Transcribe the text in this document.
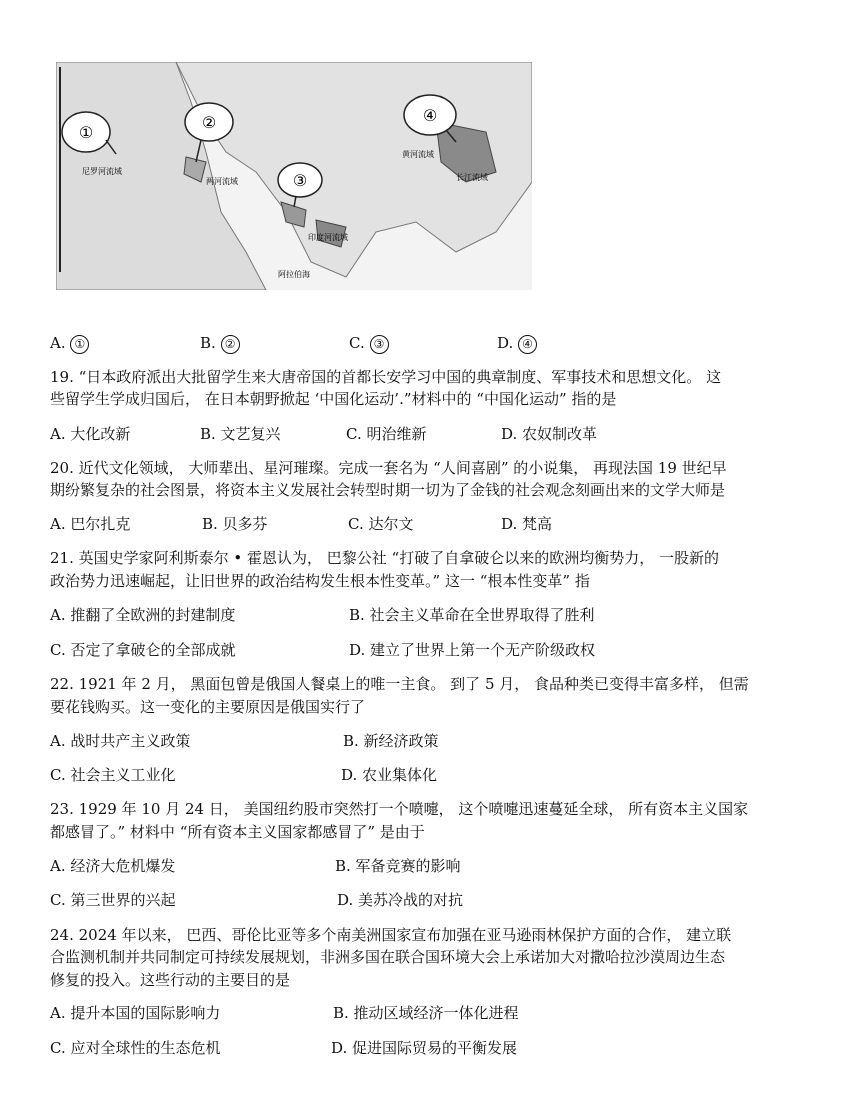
①
②
③
④
尼罗河流域
两河流域
印度河流域
黄河流域
长江流域
阿拉伯海
A. ①	B. ②	C. ③	D. ④
19. “日本政府派出大批留学生来大唐帝国的首都长安学习中国的典章制度、军事技术和思想文化。 这
些留学生学成归国后， 在日本朝野掀起 ‘中国化运动’.”材料中的 “中国化运动” 指的是
A. 大化改新	B. 文艺复兴	C. 明治维新	D. 农奴制改革
20. 近代文化领域， 大师辈出、星河璀璨。完成一套名为 “人间喜剧” 的小说集， 再现法国 19 世纪早
期纷繁复杂的社会图景，将资本主义发展社会转型时期一切为了金钱的社会观念刻画出来的文学大师是
A. 巴尔扎克	B. 贝多芬	C. 达尔文	D. 梵高
21. 英国史学家阿利斯泰尔 • 霍恩认为， 巴黎公社 “打破了自拿破仑以来的欧洲均衡势力， 一股新的
政治势力迅速崛起，让旧世界的政治结构发生根本性变革。” 这一 “根本性变革” 指
A. 推翻了全欧洲的封建制度	B. 社会主义革命在全世界取得了胜利
C. 否定了拿破仑的全部成就	D. 建立了世界上第一个无产阶级政权
22. 1921 年 2 月， 黑面包曾是俄国人餐桌上的唯一主食。 到了 5 月， 食品种类已变得丰富多样， 但需
要花钱购买。这一变化的主要原因是俄国实行了
A. 战时共产主义政策	B. 新经济政策
C. 社会主义工业化	D. 农业集体化
23. 1929 年 10 月 24 日， 美国纽约股市突然打一个喷嚏， 这个喷嚏迅速蔓延全球， 所有资本主义国家
都感冒了。” 材料中 “所有资本主义国家都感冒了” 是由于
A. 经济大危机爆发	B. 军备竞赛的影响
C. 第三世界的兴起	D. 美苏冷战的对抗
24. 2024 年以来， 巴西、哥伦比亚等多个南美洲国家宣布加强在亚马逊雨林保护方面的合作， 建立联
合监测机制并共同制定可持续发展规划，非洲多国在联合国环境大会上承诺加大对撒哈拉沙漠周边生态
修复的投入。这些行动的主要目的是
A. 提升本国的国际影响力	B. 推动区域经济一体化进程
C. 应对全球性的生态危机	D. 促进国际贸易的平衡发展
